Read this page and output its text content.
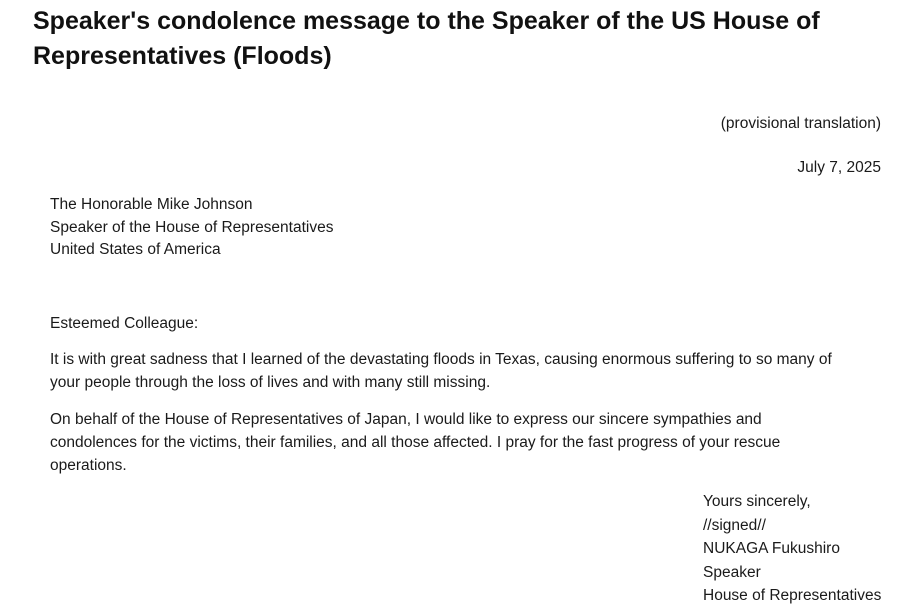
Speaker's condolence message to the Speaker of the US House of Representatives (Floods)
(provisional translation)
July 7, 2025
The Honorable Mike Johnson
Speaker of the House of Representatives
United States of America
Esteemed Colleague:

It is with great sadness that I learned of the devastating floods in Texas, causing enormous suffering to so many of your people through the loss of lives and with many still missing.

On behalf of the House of Representatives of Japan, I would like to express our sincere sympathies and condolences for the victims, their families, and all those affected. I pray for the fast progress of your rescue operations.

Yours sincerely,
//signed//
NUKAGA Fukushiro
Speaker
House of Representatives
